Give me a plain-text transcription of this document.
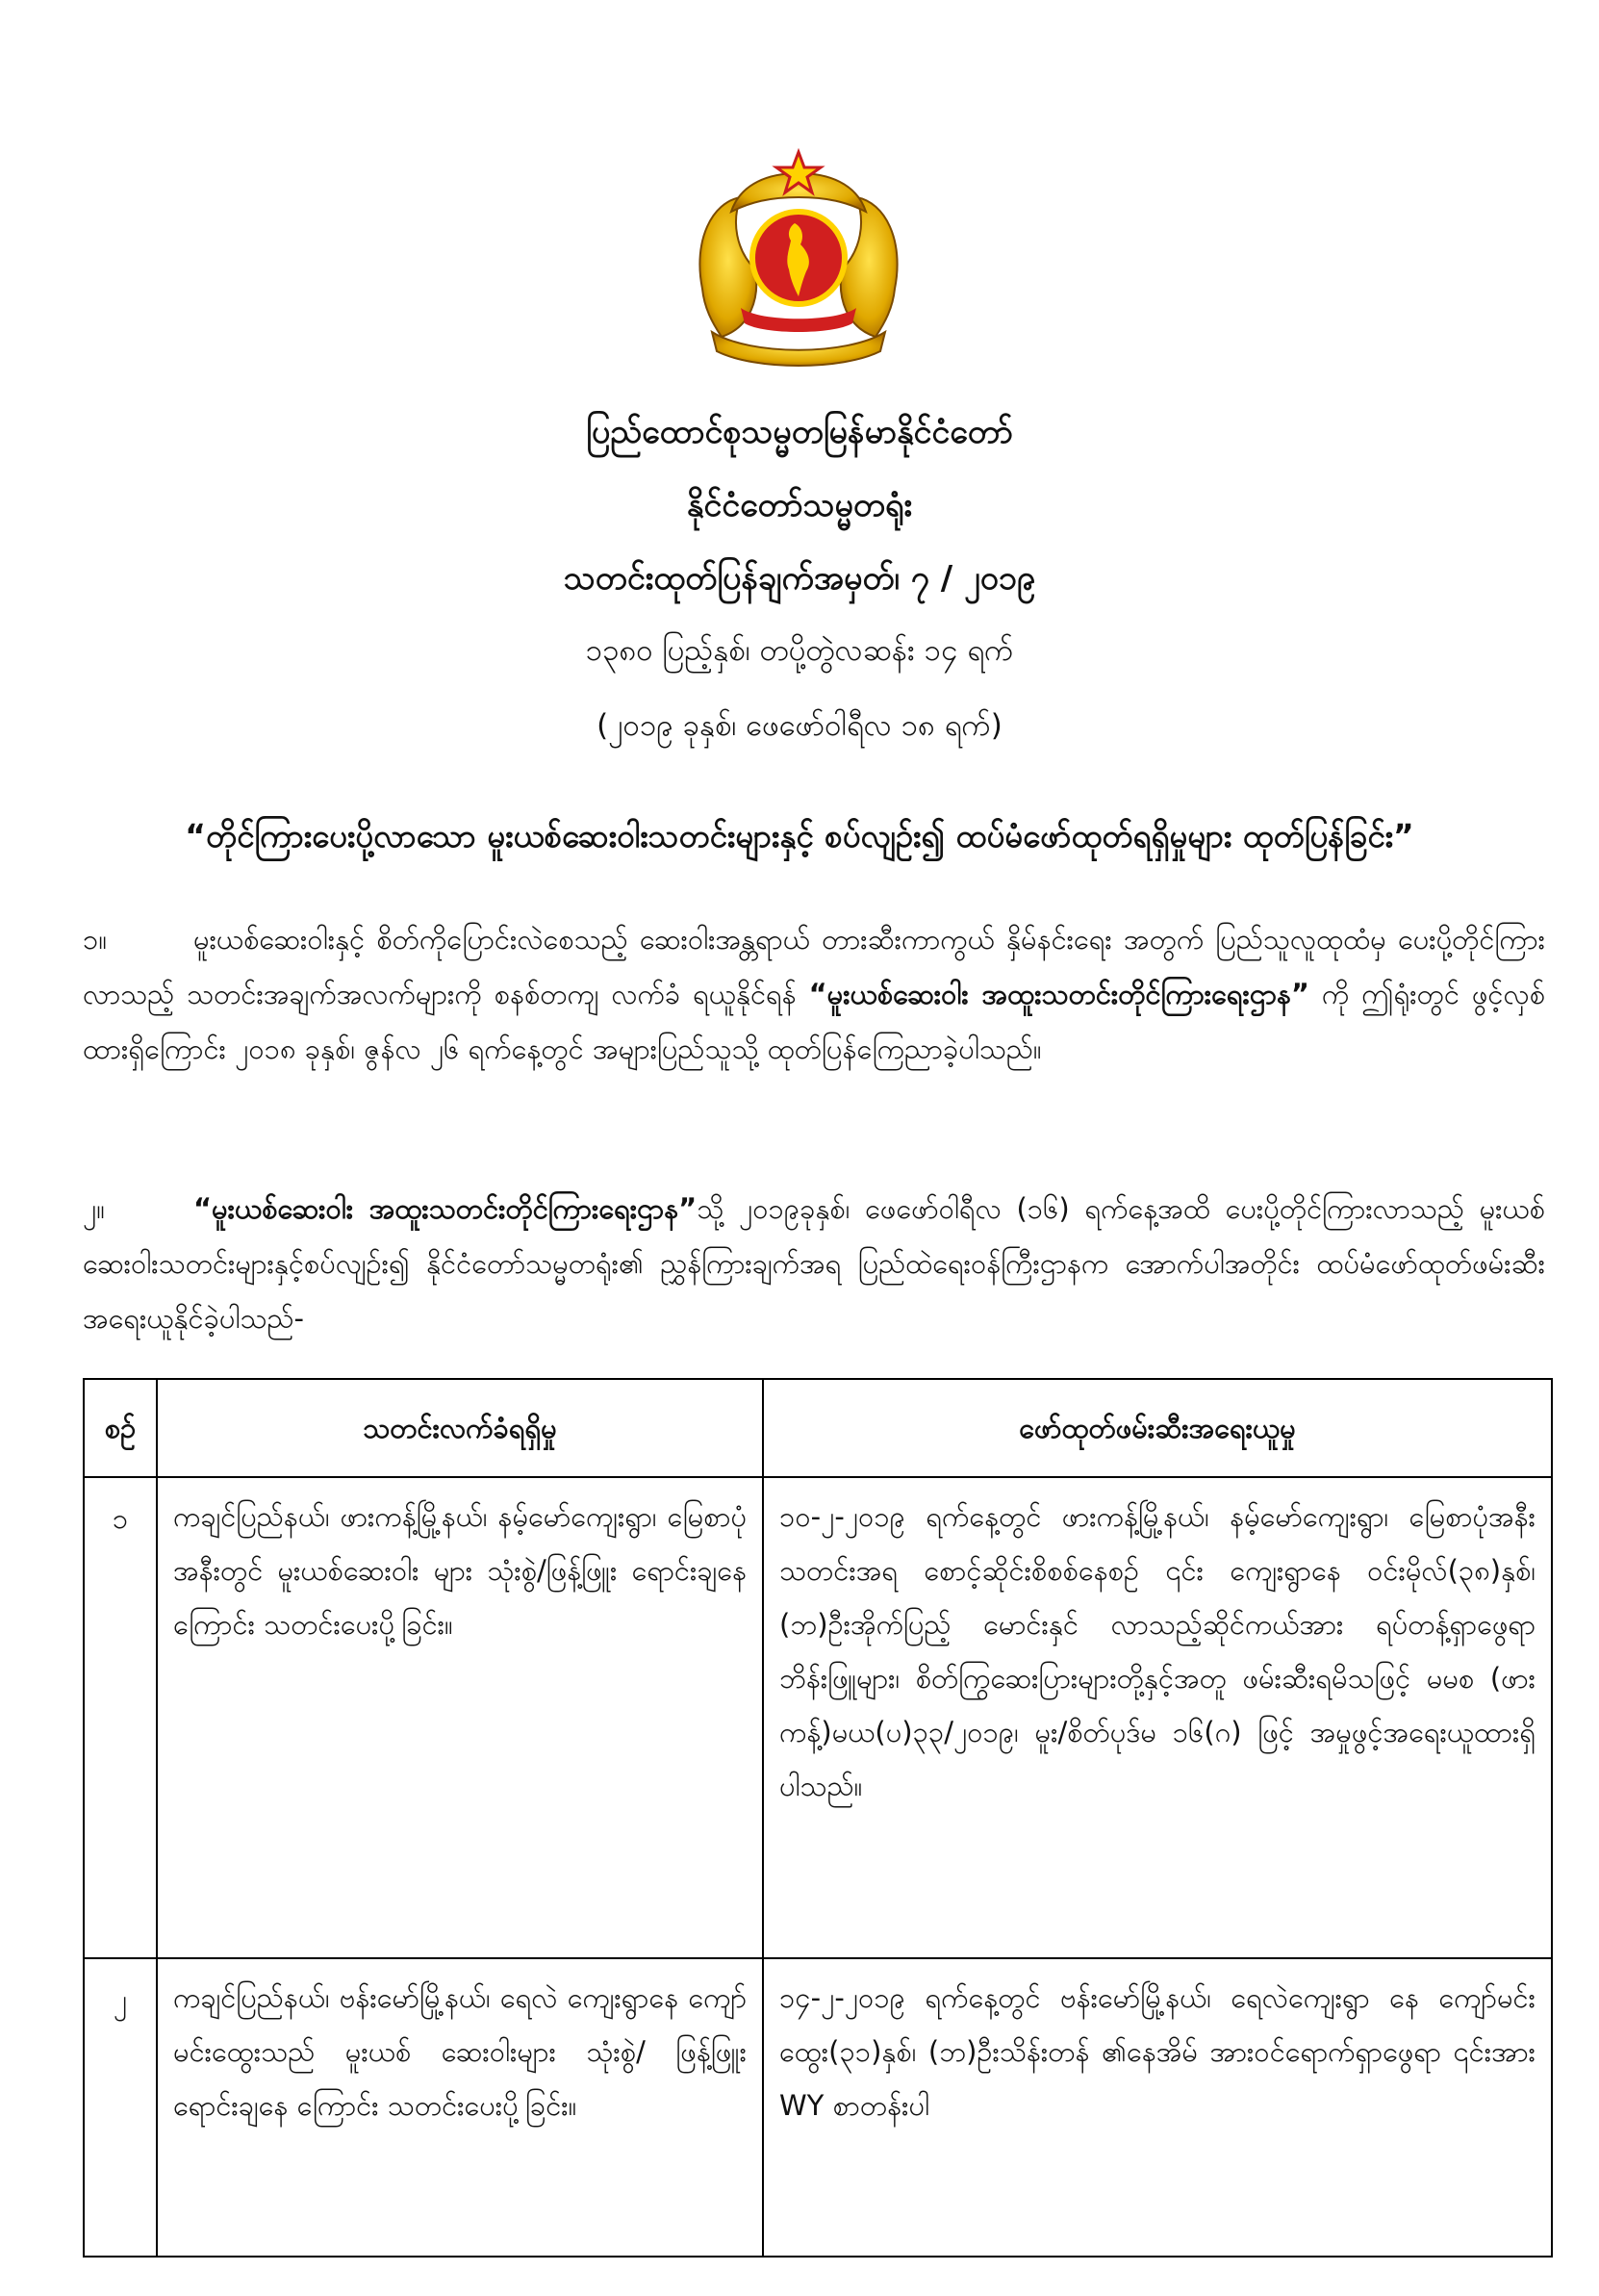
ပြည်ထောင်စုသမ္မတမြန်မာနိုင်ငံတော်
နိုင်ငံတော်သမ္မတရုံး
သတင်းထုတ်ပြန်ချက်အမှတ်၊ ၇ / ၂၀၁၉
၁၃၈၀ ပြည့်နှစ်၊ တပို့တွဲလဆန်း ၁၄ ရက်
(၂၀၁၉ ခုနှစ်၊ ဖေဖော်ဝါရီလ ၁၈ ရက်)
“တိုင်ကြားပေးပို့လာသော မူးယစ်ဆေးဝါးသတင်းများနှင့် စပ်လျဉ်း၍ ထပ်မံဖော်ထုတ်ရရှိမှုများ ထုတ်ပြန်ခြင်း”
၁။	မူးယစ်ဆေးဝါးနှင့် စိတ်ကိုပြောင်းလဲစေသည့် ဆေးဝါးအန္တရာယ် တားဆီးကာကွယ် နှိမ်နင်းရေး အတွက် ပြည်သူလူထုထံမှ ပေးပို့တိုင်ကြားလာသည့် သတင်းအချက်အလက်များကို စနစ်တကျ လက်ခံ ရယူနိုင်ရန် “မူးယစ်ဆေးဝါး အထူးသတင်းတိုင်ကြားရေးဌာန” ကို ဤရုံးတွင် ဖွင့်လှစ်ထားရှိကြောင်း ၂၀၁၈ ခုနှစ်၊ ဇွန်လ ၂၆ ရက်နေ့တွင် အများပြည်သူသို့ ထုတ်ပြန်ကြေညာခဲ့ပါသည်။
၂။	“မူးယစ်ဆေးဝါး အထူးသတင်းတိုင်ကြားရေးဌာန”သို့ ၂၀၁၉ခုနှစ်၊ ဖေဖော်ဝါရီလ (၁၆) ရက်နေ့အထိ ပေးပို့တိုင်ကြားလာသည့် မူးယစ်ဆေးဝါးသတင်းများနှင့်စပ်လျဉ်း၍ နိုင်ငံတော်သမ္မတရုံး၏ ညွှန်ကြားချက်အရ ပြည်ထဲရေးဝန်ကြီးဌာနက အောက်ပါအတိုင်း ထပ်မံဖော်ထုတ်ဖမ်းဆီးအရေးယူနိုင်ခဲ့ပါသည်-
စဉ်	သတင်းလက်ခံရရှိမှု	ဖော်ထုတ်ဖမ်းဆီးအရေးယူမှု
၁	ကချင်ပြည်နယ်၊ ဖားကန့်မြို့နယ်၊ နမ့်မော်ကျေးရွာ၊ မြေစာပုံအနီးတွင် မူးယစ်ဆေးဝါး များ သုံးစွဲ/ဖြန့်ဖြူး ရောင်းချနေကြောင်း သတင်းပေးပို့ခြင်း။	၁၀-၂-၂၀၁၉ ရက်နေ့တွင် ဖားကန့်မြို့နယ်၊ နမ့်မော်ကျေးရွာ၊ မြေစာပုံအနီး သတင်းအရ စောင့်ဆိုင်းစိစစ်နေစဉ် ၎င်း ကျေးရွာနေ ဝင်းမိုလ်(၃၈)နှစ်၊ (ဘ)ဦးအိုက်ပြည့် မောင်းနှင် လာသည့်ဆိုင်ကယ်အား ရပ်တန့်ရှာဖွေရာ ဘိန်းဖြူများ၊ စိတ်ကြွဆေးပြားများတို့နှင့်အတူ ဖမ်းဆီးရမိသဖြင့် မမစ (ဖားကန့်)မယ(ပ)၃၃/၂၀၁၉၊ မူး/စိတ်ပုဒ်မ ၁၆(ဂ) ဖြင့် အမှုဖွင့်အရေးယူထားရှိပါသည်။
၂	ကချင်ပြည်နယ်၊ ဗန်းမော်မြို့နယ်၊ ရေလဲ ကျေးရွာနေ ကျော်မင်းထွေးသည် မူးယစ် ဆေးဝါးများ သုံးစွဲ/ ဖြန့်ဖြူး ရောင်းချနေ ကြောင်း သတင်းပေးပို့ခြင်း။	၁၄-၂-၂၀၁၉ ရက်နေ့တွင် ဗန်းမော်မြို့နယ်၊ ရေလဲကျေးရွာ နေ ကျော်မင်းထွေး(၃၁)နှစ်၊ (ဘ)ဦးသိန်းတန် ၏နေအိမ် အားဝင်ရောက်ရှာဖွေရာ ၎င်းအား WY စာတန်းပါ
